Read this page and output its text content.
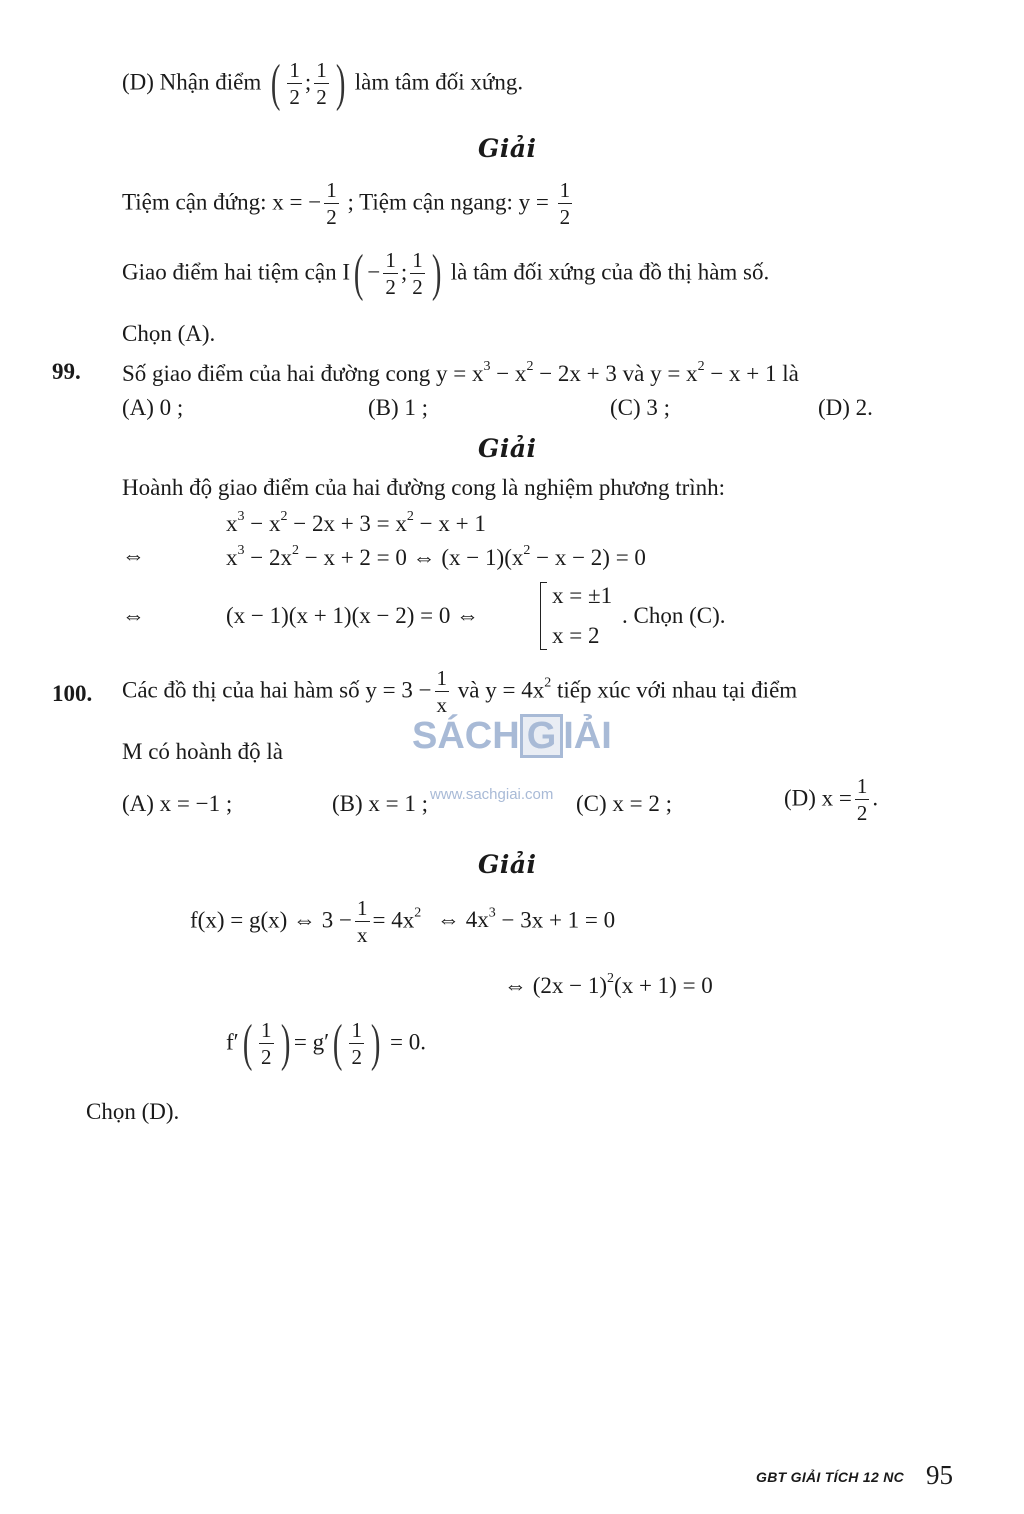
(D) Nhận điểm ( $\frac{1}{2}$ ; $\frac{1}{2}$ ) làm tâm đối xứng.
Giải
Tiệm cận đứng: x = − $\frac{1}{2}$ ; Tiệm cận ngang: $y = \frac{1}{2}$
Giao điểm hai tiệm cận $I( - \frac{1}{2}$ ; $\frac{1}{2}$ ) là tâm đối xứng của đồ thị hàm số.
Chọn (A).
99. Số giao điểm của hai đường cong $y = x^3 - x^2 - 2x + 3$ và $y = x^2 - x + 1$ là
(A) 0 ;	(B) 1 ;	(C) 3 ;	(D) 2.
Giải
Hoành độ giao điểm của hai đường cong là nghiệm phương trình:
$x^3 - x^2 - 2x + 3 = x^2 - x + 1$
⇔	$x^3 - 2x^2 - x + 2 = 0$ ⇔ $(x - 1)(x^2 - x - 2) = 0$
⇔	(x − 1)(x + 1)(x − 2) = 0 ⇔
x = ±1
x = 2
. Chọn (C).
100. Các đồ thị của hai hàm số $y = 3 - \frac{1}{x}$ và $y = 4x^2$ tiếp xúc với nhau tại điểm
M có hoành độ là
(A) x = −1 ;	(B) x = 1 ;	(C) x = 2 ;	(D) $x = \frac{1}{2}$ .
Giải
f(x) = g(x) ⇔ $3 - \frac{1}{x} = 4x^2$ ⇔ $4x^3 - 3x + 1 = 0$
⇔ $(2x - 1)^2(x + 1) = 0$
$f'( \frac{1}{2}$ ) = $g'( \frac{1}{2}$ ) = 0.
Chọn (D).
SÁCH G IẢI
www.sachgiai.com
GBT GIẢI TÍCH 12 NC 95
